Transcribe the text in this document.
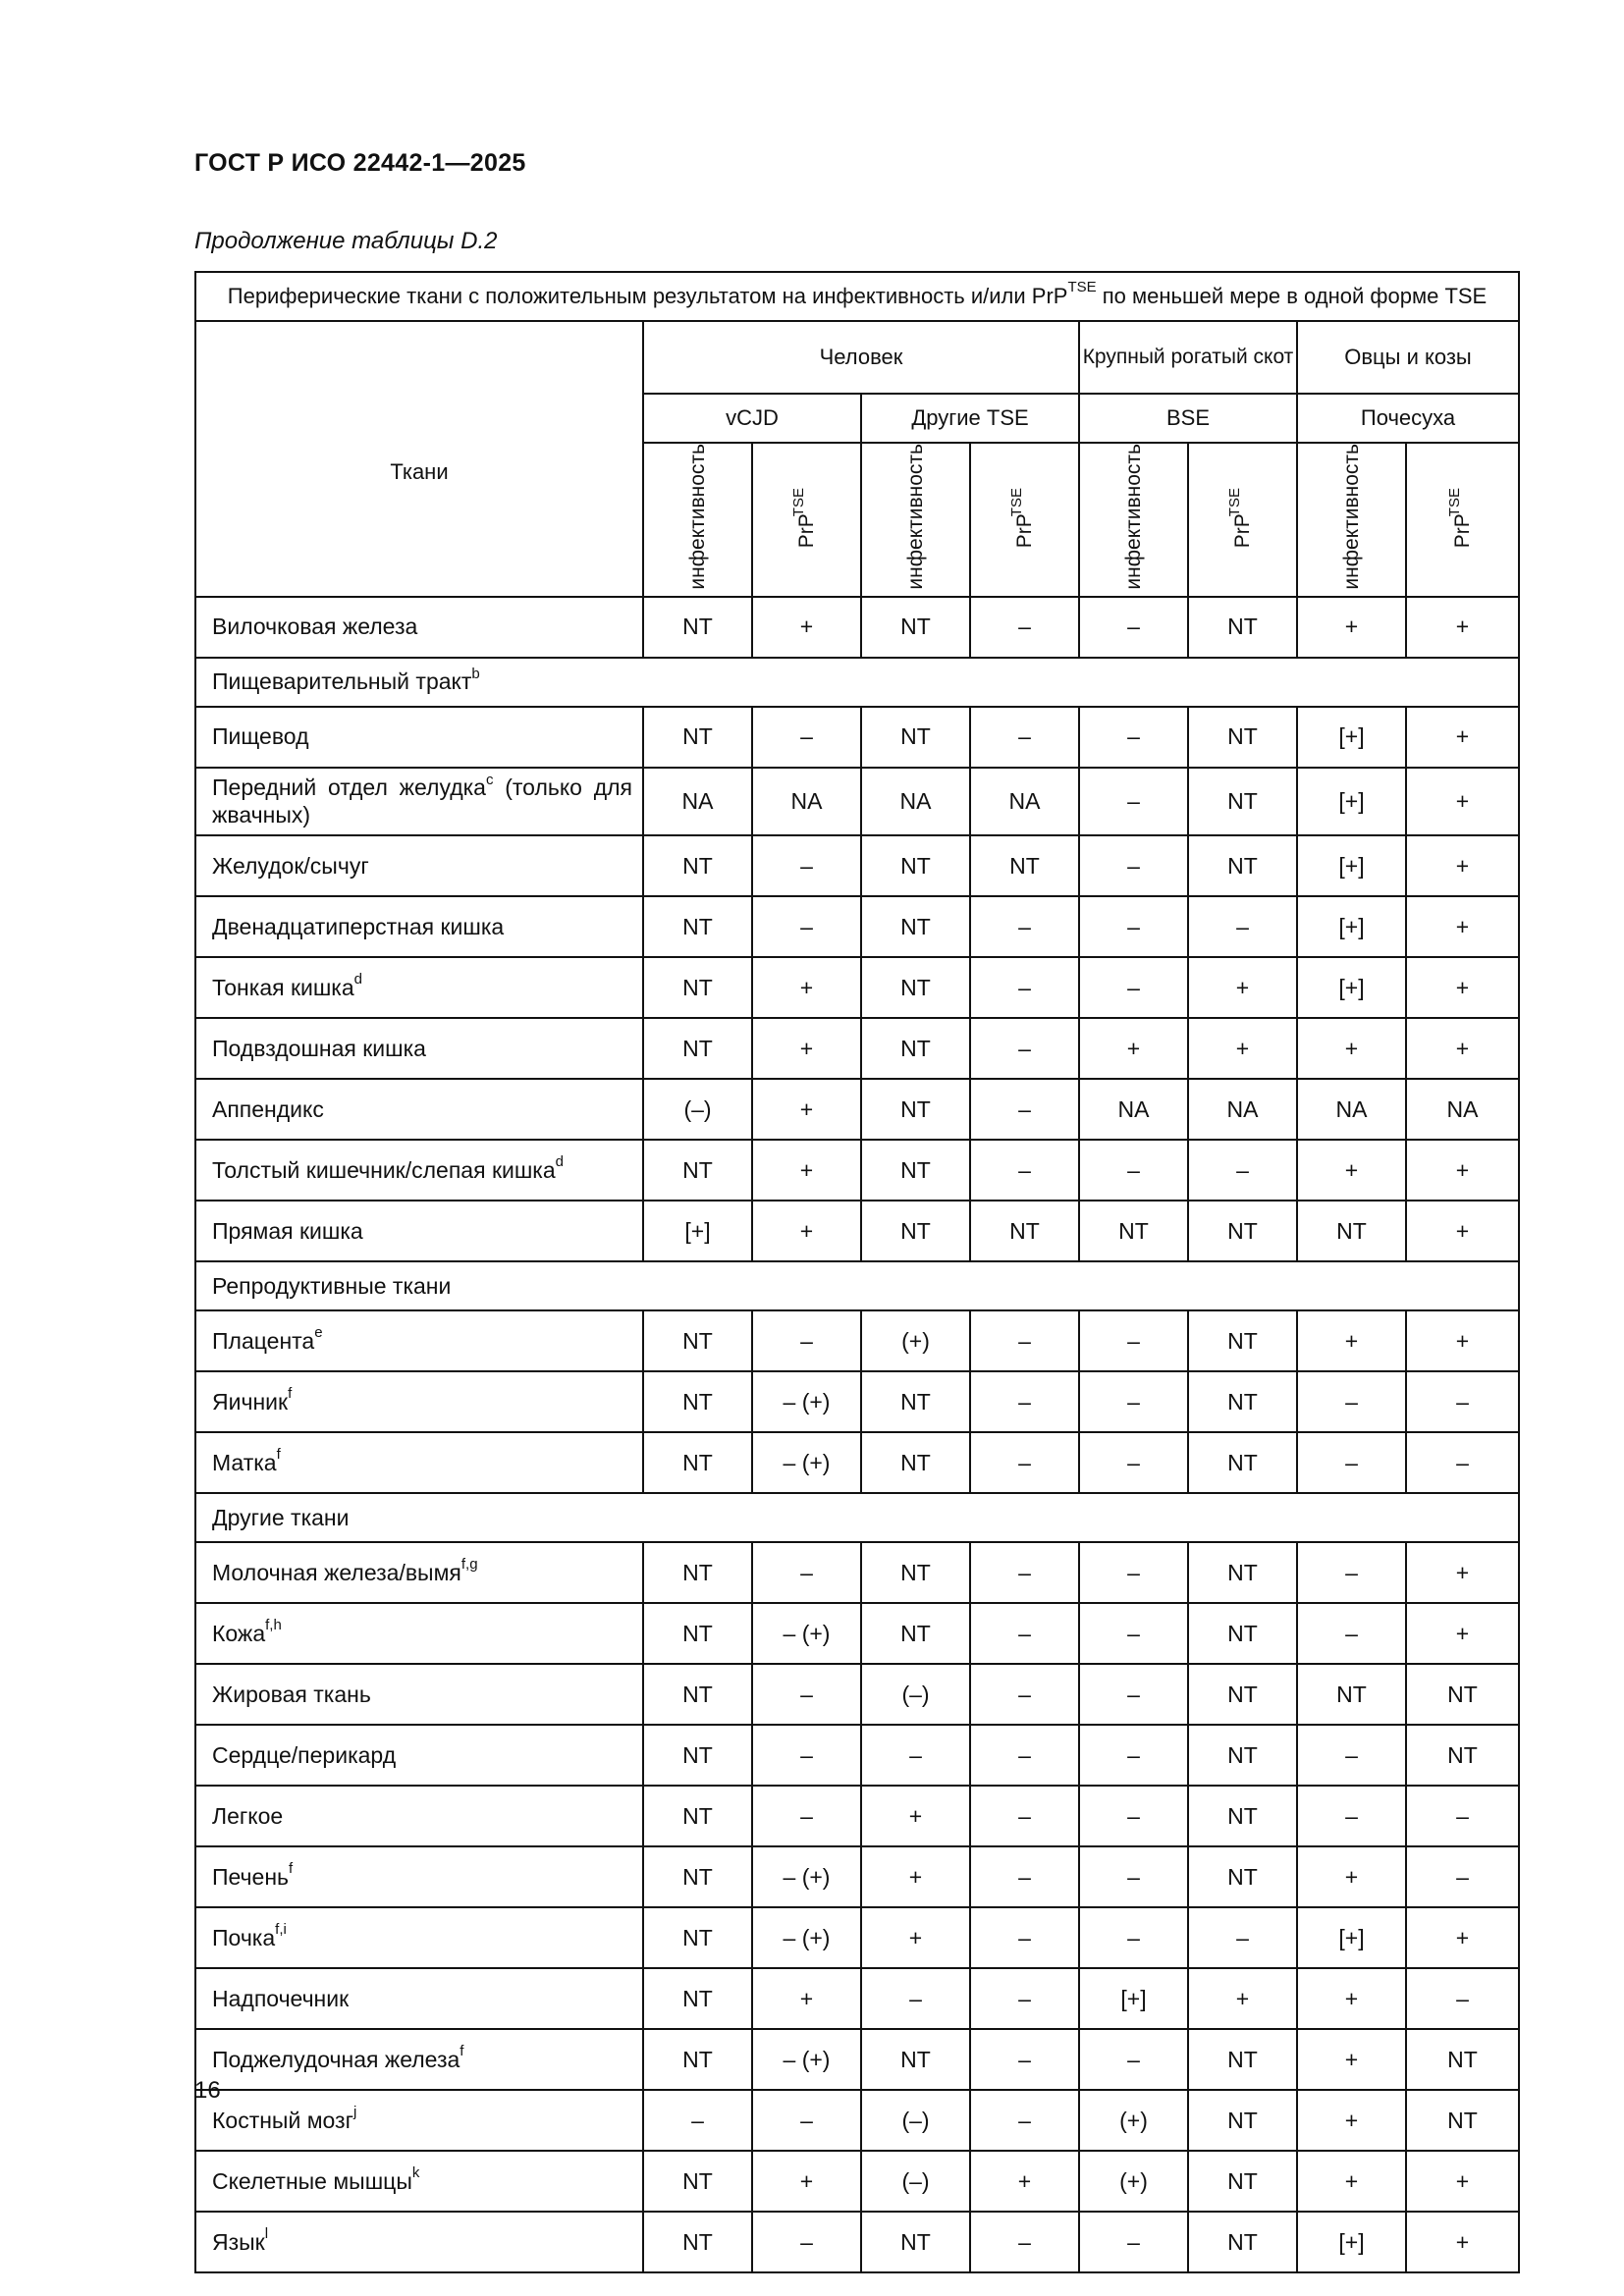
ГОСТ Р ИСО 22442-1—2025
Продолжение таблицы D.2
Периферические ткани с положительным результатом на инфективность и/или PrP$^{TSE}$ по меньшей мере в одной форме TSE								
Ткани	Человек				Крупный рогатый скот		Овцы и козы	
	vCJD		Другие TSE		BSE		Почесуха	
	инфективность	PrP$^{TSE}$	инфективность	PrP$^{TSE}$	инфективность	PrP$^{TSE}$	инфективность	PrP$^{TSE}$
Вилочковая железа	NT	+	NT	–	–	NT	+	+
Пищеварительный тракт$^b$
Пищевод	NT	–	NT	–	–	NT	[+]	+
Передний отдел желудка$^c$ (только для жвачных)	NA	NA	NA	NA	–	NT	[+]	+
Желудок/сычуг	NT	–	NT	NT	–	NT	[+]	+
Двенадцатиперстная кишка	NT	–	NT	–	–	–	[+]	+
Тонкая кишка$^d$	NT	+	NT	–	–	+	[+]	+
Подвздошная кишка	NT	+	NT	–	+	+	+	+
Аппендикс	(–)	+	NT	–	NA	NA	NA	NA
Толстый кишечник/слепая кишка$^d$	NT	+	NT	–	–	–	+	+
Прямая кишка	[+]	+	NT	NT	NT	NT	NT	+
Репродуктивные ткани								
Плацента$^e$	NT	–	(+)	–	–	NT	+	+
Яичник$^f$	NT	– (+)	NT	–	–	NT	–	–
Матка$^f$	NT	– (+)	NT	–	–	NT	–	–
Другие ткани								
Молочная железа/вымя$^{f,g}$	NT	–	NT	–	–	NT	–	+
Кожа$^{f,h}$	NT	– (+)	NT	–	–	NT	–	+
Жировая ткань	NT	–	(–)	–	–	NT	NT	NT
Сердце/перикард	NT	–	–	–	–	NT	–	NT
Легкое	NT	–	+	–	–	NT	–	–
Печень$^f$	NT	– (+)	+	–	–	NT	+	–
Почка$^{f,i}$	NT	– (+)	+	–	–	–	[+]	+
Надпочечник	NT	+	–	–	[+]	+	+	–
Поджелудочная железа$^f$	NT	– (+)	NT	–	–	NT	+	NT
Костный мозг$^j$	–	–	(–)	–	(+)	NT	+	NT
Скелетные мышцы$^k$	NT	+	(–)	+	(+)	NT	+	+
Язык$^l$	NT	–	NT	–	–	NT	[+]	+
16
